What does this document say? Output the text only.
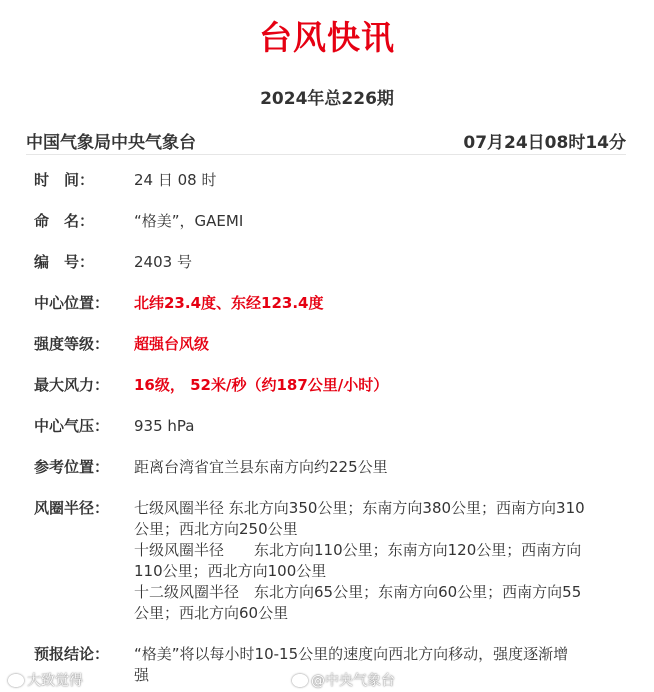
台风快讯
2024年总226期
中国气象局中央气象台	07月24日08时14分
时　间：	24 日 08 时
命　名：	“格美”，GAEMI
编　号：	2403 号
中心位置：	北纬23.4度、东经123.4度
强度等级：	超强台风级
最大风力：	16级， 52米/秒（约187公里/小时）
中心气压：	935 hPa
参考位置：	距离台湾省宜兰县东南方向约225公里
风圈半径：	七级风圈半径 东北方向350公里；东南方向380公里；西南方向310
公里；西北方向250公里
十级风圈半径　　东北方向110公里；东南方向120公里；西南方向
110公里；西北方向100公里
十二级风圈半径　东北方向65公里；东南方向60公里；西南方向55
公里；西北方向60公里
预报结论：	“格美”将以每小时10-15公里的速度向西北方向移动，强度逐渐增
强
大致觉得	@中央气象台
